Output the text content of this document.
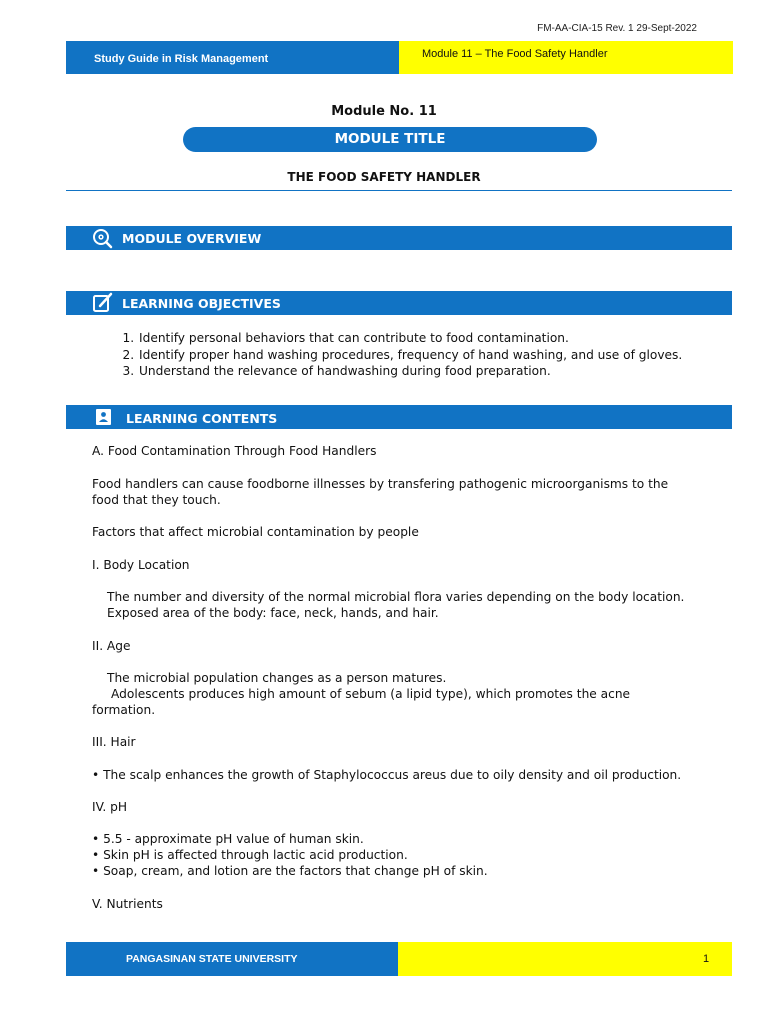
FM-AA-CIA-15 Rev. 1 29-Sept-2022
Study Guide in Risk Management	Module 11 – The Food Safety Handler
Module No. 11
MODULE TITLE
THE FOOD SAFETY HANDLER
MODULE OVERVIEW
LEARNING OBJECTIVES
1. Identify personal behaviors that can contribute to food contamination.
2. Identify proper hand washing procedures, frequency of hand washing, and use of gloves.
3. Understand the relevance of handwashing during food preparation.
LEARNING CONTENTS
A. Food Contamination Through Food Handlers
Food handlers can cause foodborne illnesses by transfering pathogenic microorganisms to the
food that they touch.
Factors that affect microbial contamination by people
I. Body Location
The number and diversity of the normal microbial flora varies depending on the body location.
Exposed area of the body: face, neck, hands, and hair.
II. Age
The microbial population changes as a person matures.
Adolescents produces high amount of sebum (a lipid type), which promotes the acne
formation.
III. Hair
• The scalp enhances the growth of Staphylococcus areus due to oily density and oil production.
IV. pH
• 5.5 - approximate pH value of human skin.
• Skin pH is affected through lactic acid production.
• Soap, cream, and lotion are the factors that change pH of skin.
V. Nutrients
PANGASINAN STATE UNIVERSITY	1
